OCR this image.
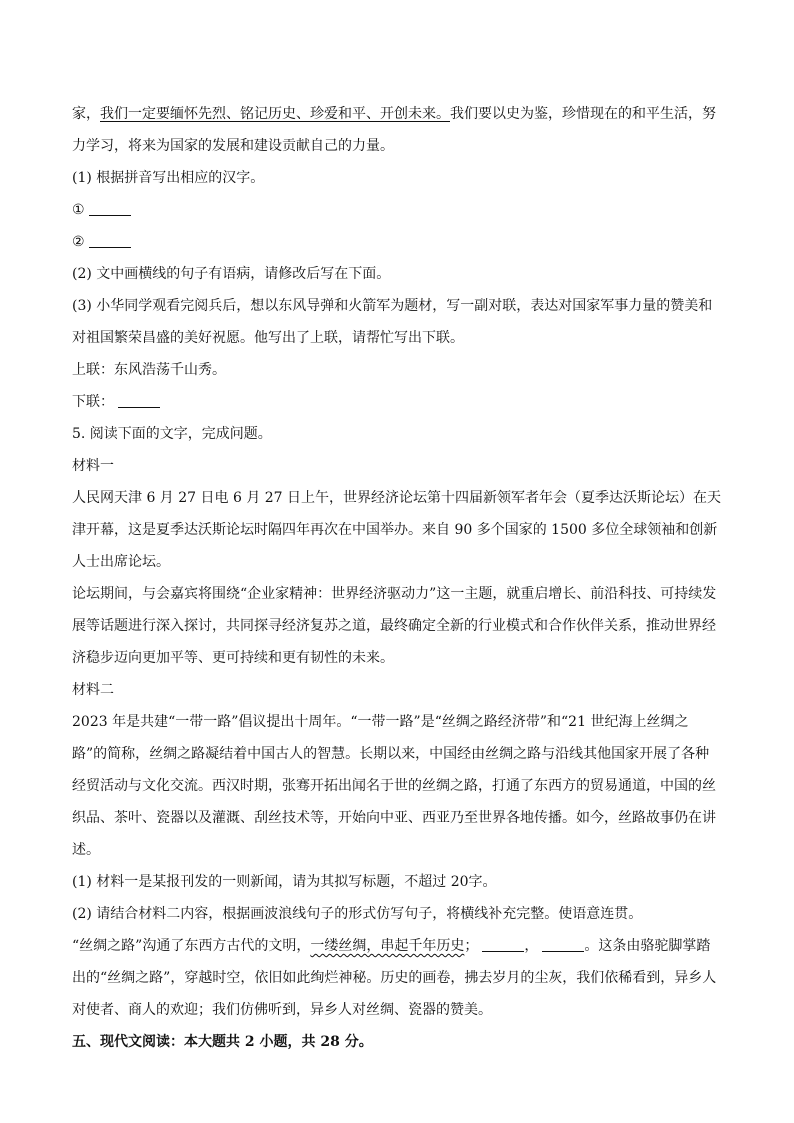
家，我们一定要缅怀先烈、铭记历史、珍爱和平、开创未来。我们要以史为鉴，珍惜现在的和平生活，努力学习，将来为国家的发展和建设贡献自己的力量。

(1) 根据拼音写出相应的汉字。

①

②

(2) 文中画横线的句子有语病，请修改后写在下面。

(3) 小华同学观看完阅兵后，想以东风导弹和火箭军为题材，写一副对联，表达对国家军事力量的赞美和对祖国繁荣昌盛的美好祝愿。他写出了上联，请帮忙写出下联。

上联：东风浩荡千山秀。

下联：

5. 阅读下面的文字，完成问题。

材料一

人民网天津 6 月 27 日电 6 月 27 日上午，世界经济论坛第十四届新领军者年会（夏季达沃斯论坛）在天津开幕，这是夏季达沃斯论坛时隔四年再次在中国举办。来自 90 多个国家的 1500 多位全球领袖和创新人士出席论坛。

论坛期间，与会嘉宾将围绕“企业家精神：世界经济驱动力”这一主题，就重启增长、前沿科技、可持续发展等话题进行深入探讨，共同探寻经济复苏之道，最终确定全新的行业模式和合作伙伴关系，推动世界经济稳步迈向更加平等、更可持续和更有韧性的未来。

材料二

2023 年是共建“一带一路”倡议提出十周年。“一带一路”是“丝绸之路经济带”和“21 世纪海上丝绸之路”的简称，丝绸之路凝结着中国古人的智慧。长期以来，中国经由丝绸之路与沿线其他国家开展了各种经贸活动与文化交流。西汉时期，张骞开拓出闻名于世的丝绸之路，打通了东西方的贸易通道，中国的丝织品、茶叶、瓷器以及灌溉、刮丝技术等，开始向中亚、西亚乃至世界各地传播。如今，丝路故事仍在讲述。

(1) 材料一是某报刊发的一则新闻，请为其拟写标题，不超过 20字。

(2) 请结合材料二内容，根据画波浪线句子的形式仿写句子，将横线补充完整。使语意连贯。

“丝绸之路”沟通了东西方古代的文明，一缕丝绸，串起千年历史；	，	。这条由骆驼脚掌踏出的“丝绸之路”，穿越时空，依旧如此绚烂神秘。历史的画卷，拂去岁月的尘灰，我们依稀看到，异乡人对使者、商人的欢迎；我们仿佛听到，异乡人对丝绸、瓷器的赞美。

五、现代文阅读：本大题共 2 小题，共 28 分。
